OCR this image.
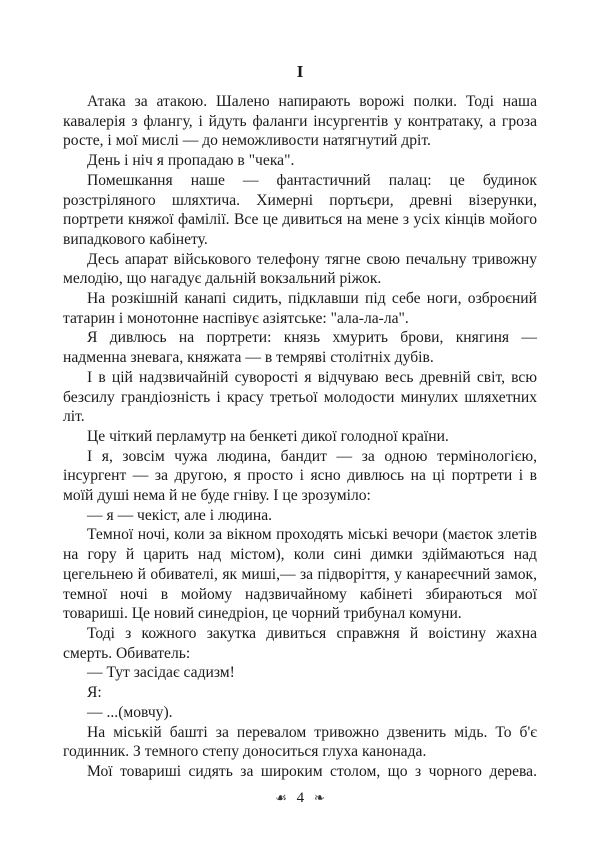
I

Атака за атакою. Шалено напирають ворожі полки. Тоді наша кавалерія з флангу, і йдуть фаланги інсургентів у контратаку, а гроза росте, і мої мислі — до неможливости натягнутий дріт.

День і ніч я пропадаю в "чека".

Помешкання наше — фантастичний палац: це будинок розстріляного шляхтича. Химерні портьєри, древні візерунки, портрети княжої фамілії. Все це дивиться на мене з усіх кінців мойого випадкового кабінету.

Десь апарат військового телефону тягне свою печальну тривожну мелодію, що нагадує дальній вокзальний ріжок.

На розкішній канапі сидить, підклавши під себе ноги, озброєний татарин і монотонне наспівує азіятське: "ала-ла-ла".

Я дивлюсь на портрети: князь хмурить брови, княгиня — надменна зневага, княжата — в темряві столітніх дубів.

І в цій надзвичайній суворості я відчуваю весь древній світ, всю безсилу грандіозність і красу третьої молодости минулих шляхетних літ.

Це чіткий перламутр на бенкеті дикої голодної країни.

І я, зовсім чужа людина, бандит — за одною термінологією, інсургент — за другою, я просто і ясно дивлюсь на ці портрети і в моїй душі нема й не буде гніву. І це зрозуміло:

— я — чекіст, але і людина.

Темної ночі, коли за вікном проходять міські вечори (маєток злетів на гору й царить над містом), коли сині димки здіймаються над цегельнею й обивателі, як миші,— за підворіття, у канареєчний замок, темної ночі в мойому надзвичайному кабінеті збираються мої товариші. Це новий синедріон, це чорний трибунал комуни.

Тоді з кожного закутка дивиться справжня й воістину жахна смерть. Обиватель:

— Тут засідає садизм!

Я:

— ...(мовчу).

На міській башті за перевалом тривожно дзвенить мідь. То б'є годинник. З темного степу доноситься глуха канонада.

Мої товариші сидять за широким столом, що з чорного дерева.

☙ 4 ❧
